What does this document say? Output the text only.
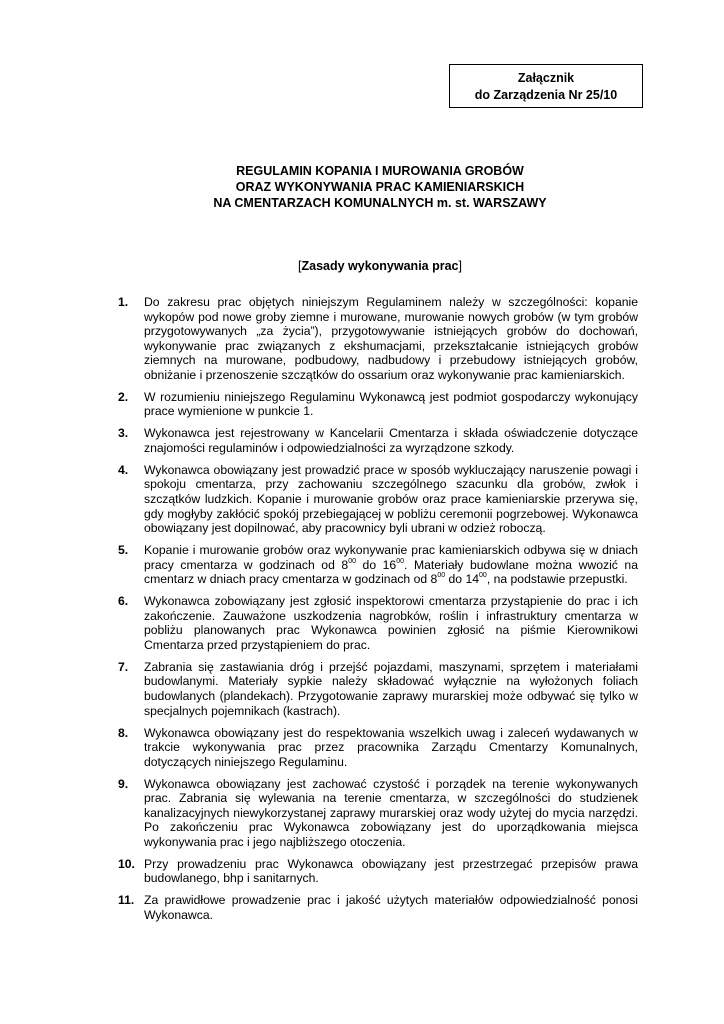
Załącznik
do Zarządzenia Nr 25/10
REGULAMIN KOPANIA I MUROWANIA GROBÓW
ORAZ WYKONYWANIA PRAC KAMIENIARSKICH
NA CMENTARZACH KOMUNALNYCH m. st. WARSZAWY
[Zasady wykonywania prac]
1. Do zakresu prac objętych niniejszym Regulaminem należy w szczególności: kopanie wykopów pod nowe groby ziemne i murowane, murowanie nowych grobów (w tym grobów przygotowywanych „za życia”), przygotowywanie istniejących grobów do dochowań, wykonywanie prac związanych z ekshumacjami, przekształcanie istniejących grobów ziemnych na murowane, podbudowy, nadbudowy i przebudowy istniejących grobów, obniżanie i przenoszenie szczątków do ossarium oraz wykonywanie prac kamieniarskich.
2. W rozumieniu niniejszego Regulaminu Wykonawcą jest podmiot gospodarczy wykonujący prace wymienione w punkcie 1.
3. Wykonawca jest rejestrowany w Kancelarii Cmentarza i składa oświadczenie dotyczące znajomości regulaminów i odpowiedzialności za wyrządzone szkody.
4. Wykonawca obowiązany jest prowadzić prace w sposób wykluczający naruszenie powagi i spokoju cmentarza, przy zachowaniu szczególnego szacunku dla grobów, zwłok i szczątków ludzkich. Kopanie i murowanie grobów oraz prace kamieniarskie przerywa się, gdy mogłyby zakłócić spokój przebiegającej w pobliżu ceremonii pogrzebowej. Wykonawca obowiązany jest dopilnować, aby pracownicy byli ubrani w odzież roboczą.
5. Kopanie i murowanie grobów oraz wykonywanie prac kamieniarskich odbywa się w dniach pracy cmentarza w godzinach od $8^{00}$ do $16^{00}$. Materiały budowlane można wwozić na cmentarz w dniach pracy cmentarza w godzinach od $8^{00}$ do $14^{00}$, na podstawie przepustki.
6. Wykonawca zobowiązany jest zgłosić inspektorowi cmentarza przystąpienie do prac i ich zakończenie. Zauważone uszkodzenia nagrobków, roślin i infrastruktury cmentarza w pobliżu planowanych prac Wykonawca powinien zgłosić na piśmie Kierownikowi Cmentarza przed przystąpieniem do prac.
7. Zabrania się zastawiania dróg i przejść pojazdami, maszynami, sprzętem i materiałami budowlanymi. Materiały sypkie należy składować wyłącznie na wyłożonych foliach budowlanych (plandekach). Przygotowanie zaprawy murarskiej może odbywać się tylko w specjalnych pojemnikach (kastrach).
8. Wykonawca obowiązany jest do respektowania wszelkich uwag i zaleceń wydawanych w trakcie wykonywania prac przez pracownika Zarządu Cmentarzy Komunalnych, dotyczących niniejszego Regulaminu.
9. Wykonawca obowiązany jest zachować czystość i porządek na terenie wykonywanych prac. Zabrania się wylewania na terenie cmentarza, w szczególności do studzienek kanalizacyjnych niewykorzystanej zaprawy murarskiej oraz wody użytej do mycia narzędzi. Po zakończeniu prac Wykonawca zobowiązany jest do uporządkowania miejsca wykonywania prac i jego najbliższego otoczenia.
10. Przy prowadzeniu prac Wykonawca obowiązany jest przestrzegać przepisów prawa budowlanego, bhp i sanitarnych.
11. Za prawidłowe prowadzenie prac i jakość użytych materiałów odpowiedzialność ponosi Wykonawca.
